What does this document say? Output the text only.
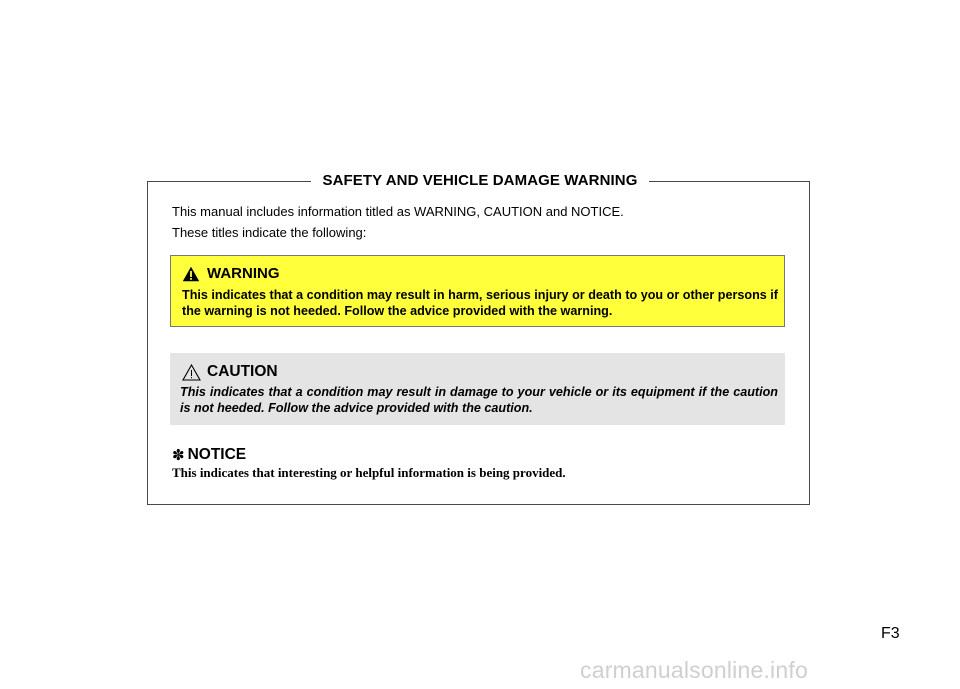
SAFETY AND VEHICLE DAMAGE WARNING
This manual includes information titled as WARNING, CAUTION and NOTICE.
These titles indicate the following:
WARNING
This indicates that a condition may result in harm, serious injury or death to you or other persons if the warning is not heeded. Follow the advice provided with the warning.
CAUTION
This indicates that a condition may result in damage to your vehicle or its equipment if the caution is not heeded. Follow the advice provided with the caution.
✽ NOTICE
This indicates that interesting or helpful information is being provided.
F3
carmanualsonline.info
